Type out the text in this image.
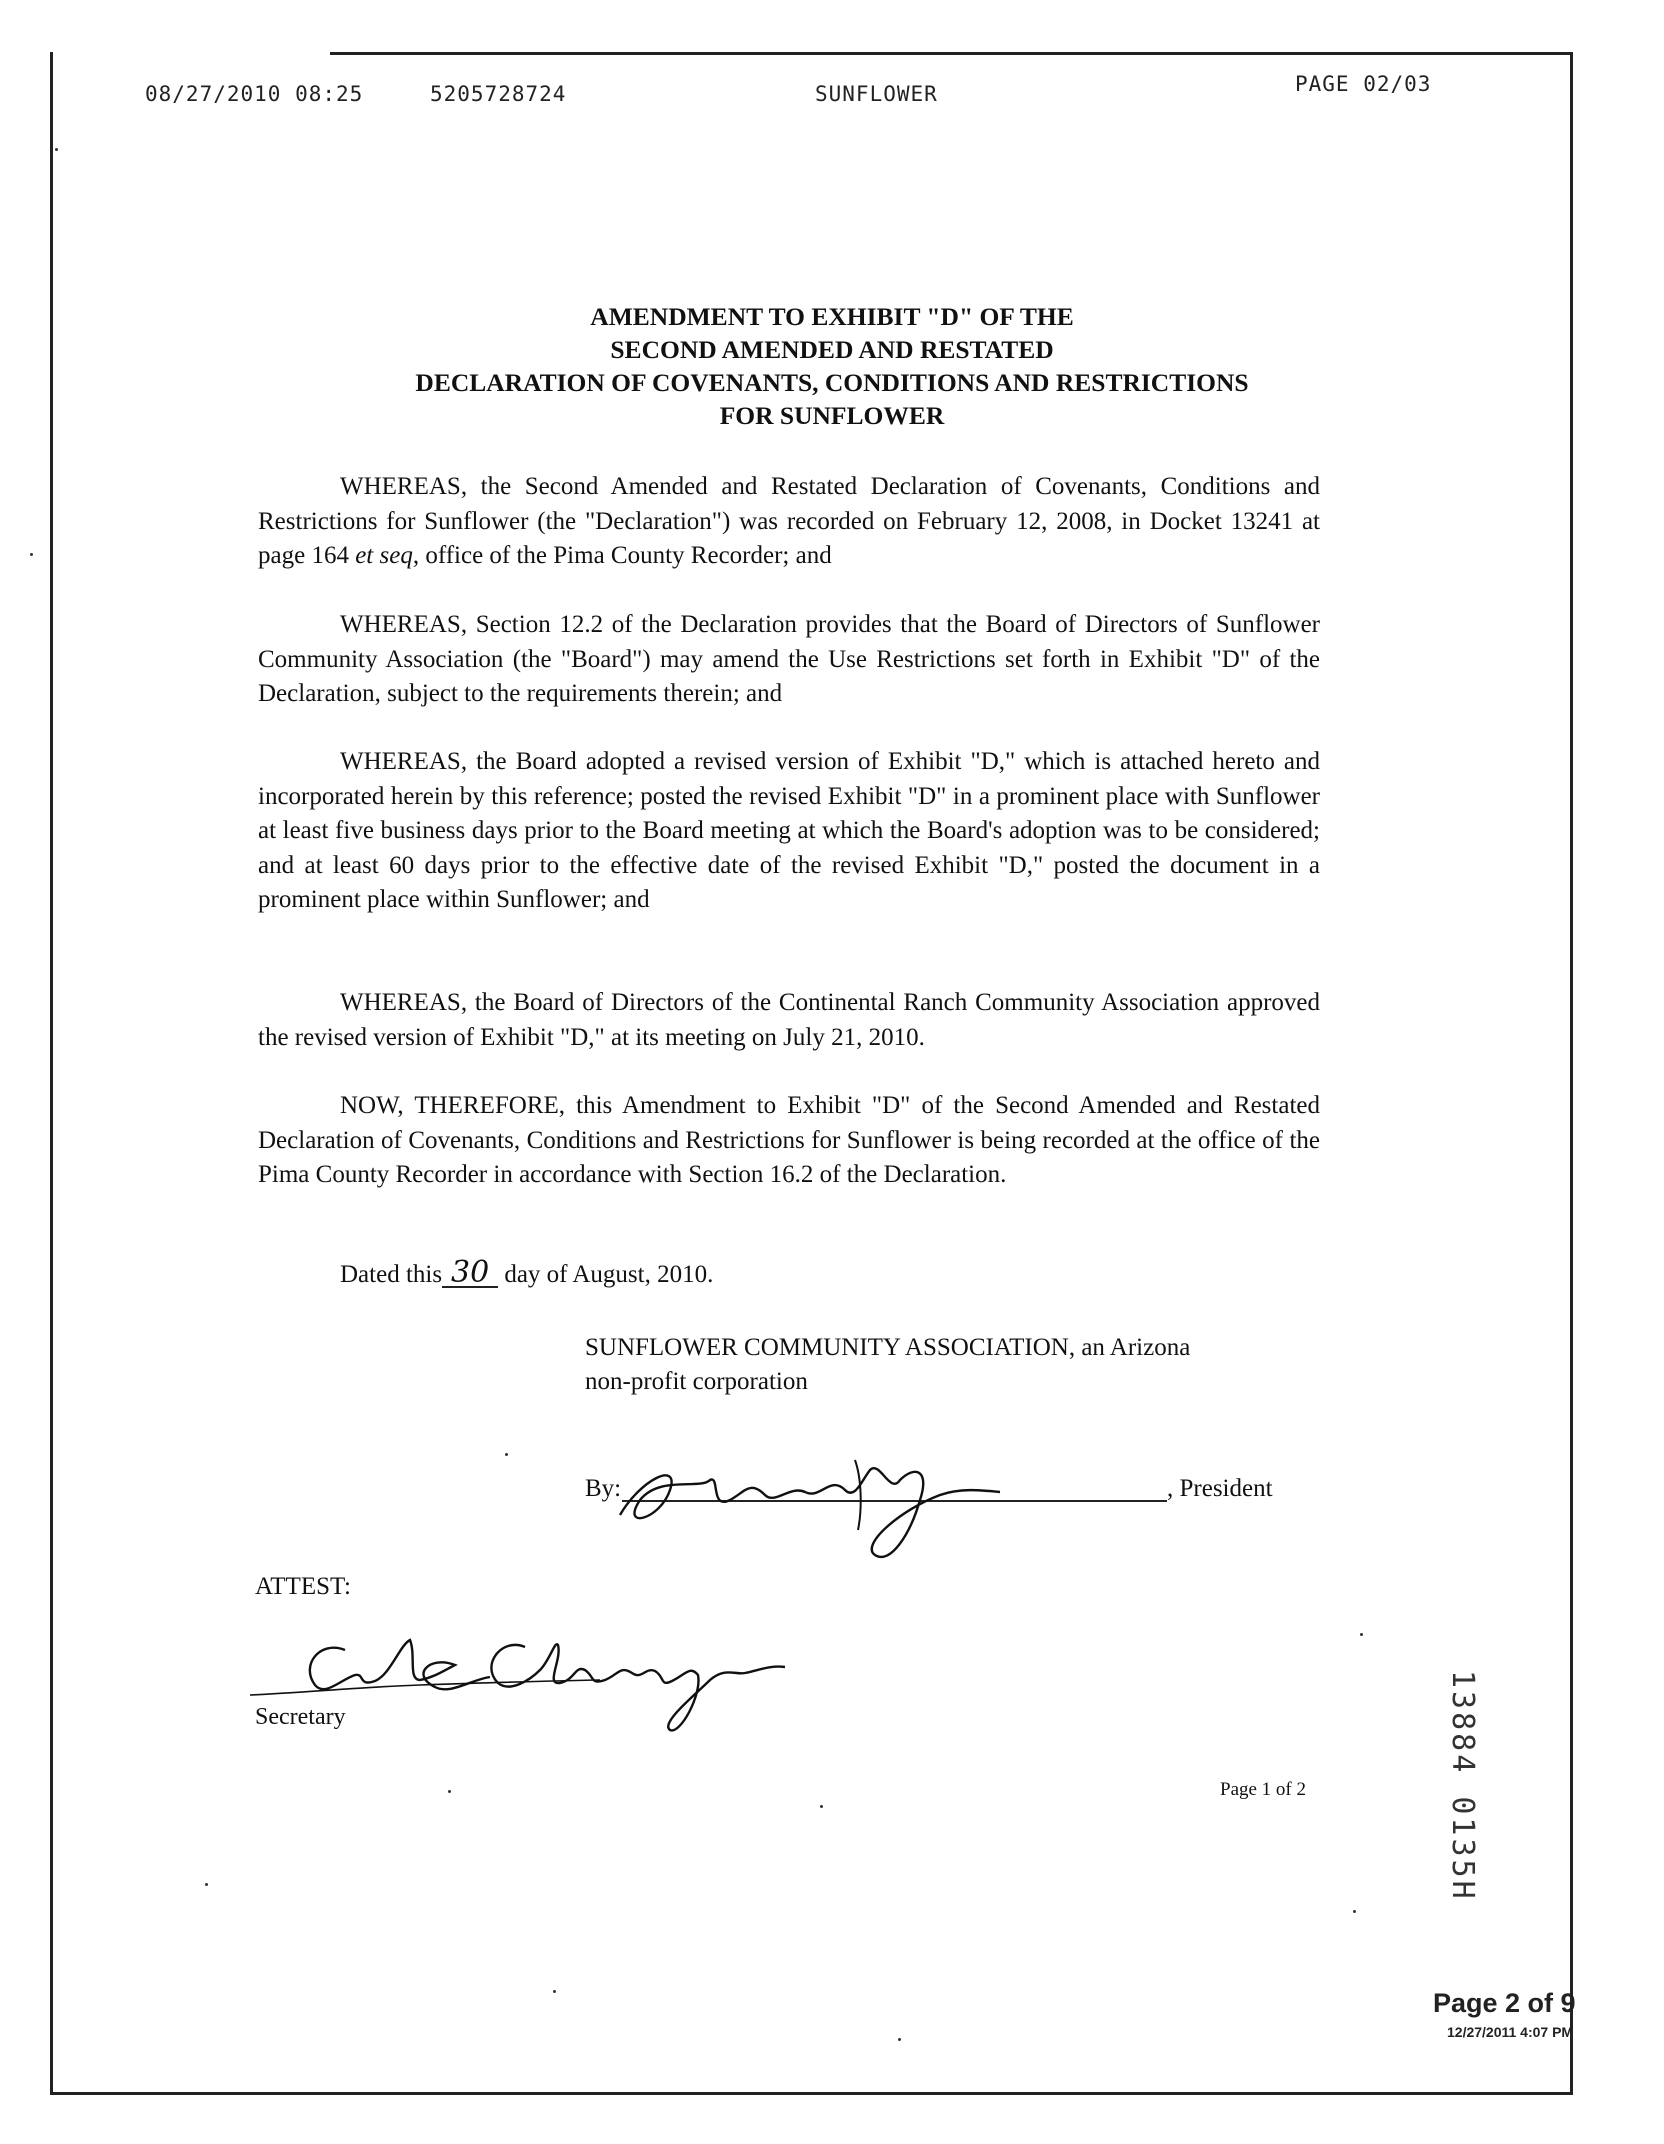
08/27/2010 08:25	5205728724	SUNFLOWER	PAGE 02/03
AMENDMENT TO EXHIBIT "D" OF THE
SECOND AMENDED AND RESTATED
DECLARATION OF COVENANTS, CONDITIONS AND RESTRICTIONS
FOR SUNFLOWER

WHEREAS, the Second Amended and Restated Declaration of Covenants, Conditions and Restrictions for Sunflower (the "Declaration") was recorded on February 12, 2008, in Docket 13241 at page 164 et seq, office of the Pima County Recorder; and

WHEREAS, Section 12.2 of the Declaration provides that the Board of Directors of Sunflower Community Association (the "Board") may amend the Use Restrictions set forth in Exhibit "D" of the Declaration, subject to the requirements therein; and

WHEREAS, the Board adopted a revised version of Exhibit "D," which is attached hereto and incorporated herein by this reference; posted the revised Exhibit "D" in a prominent place with Sunflower at least five business days prior to the Board meeting at which the Board's adoption was to be considered; and at least 60 days prior to the effective date of the revised Exhibit "D," posted the document in a prominent place within Sunflower; and

WHEREAS, the Board of Directors of the Continental Ranch Community Association approved the revised version of Exhibit "D," at its meeting on July 21, 2010.

NOW, THEREFORE, this Amendment to Exhibit "D" of the Second Amended and Restated Declaration of Covenants, Conditions and Restrictions for Sunflower is being recorded at the office of the Pima County Recorder in accordance with Section 16.2 of the Declaration.

Dated this 30 day of August, 2010.
SUNFLOWER COMMUNITY ASSOCIATION, an Arizona
non-profit corporation
By:	, President
ATTEST:
Secretary
Page 1 of 2	13884 0135H
Page 2 of 9
12/27/2011 4:07 PM
